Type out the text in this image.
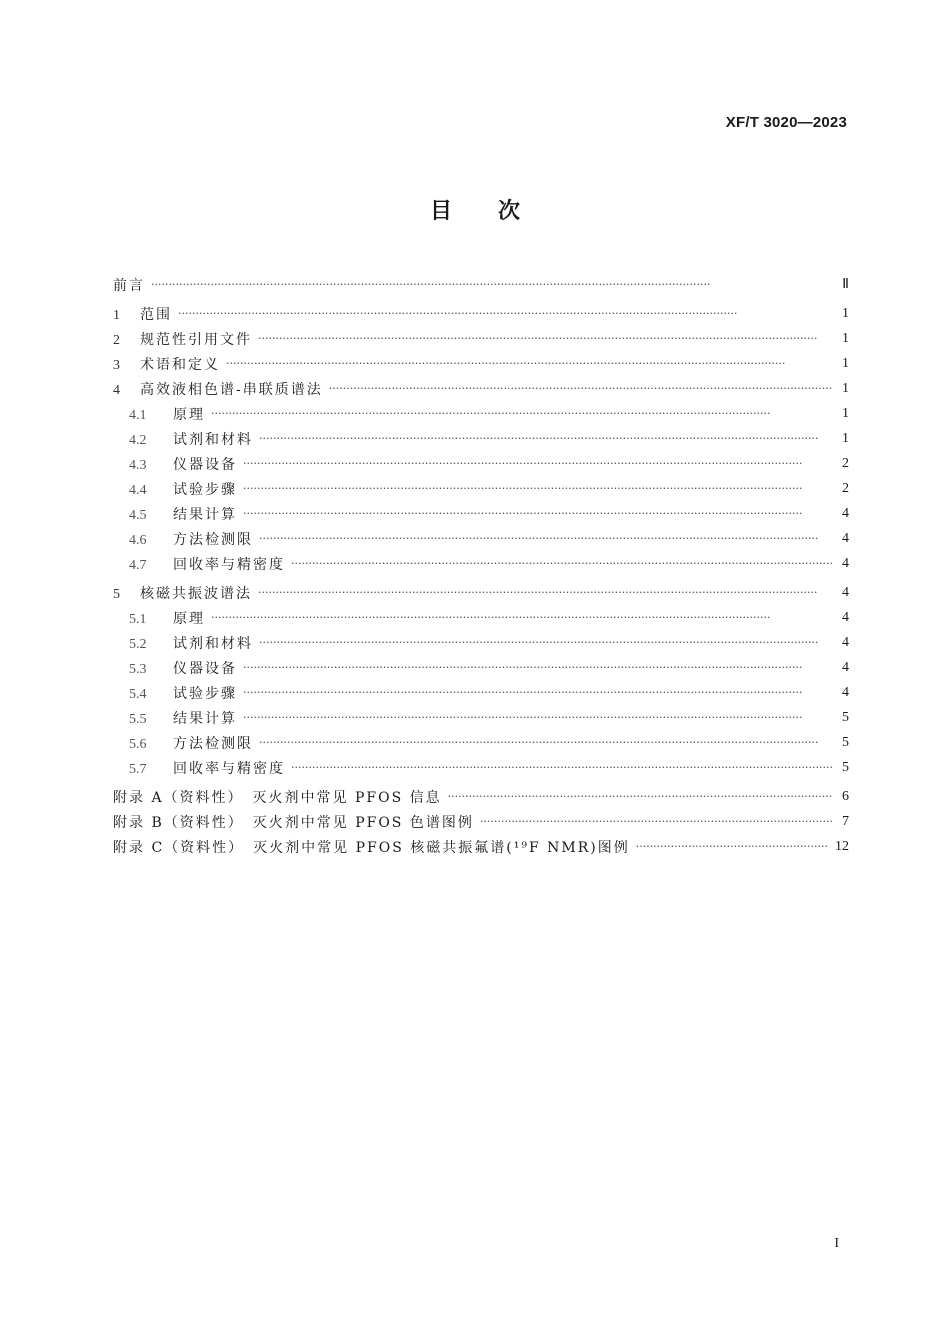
XF/T 3020—2023
目次
前言 ·····	Ⅱ
1 范围 ·····	1
2 规范性引用文件 ·····	1
3 术语和定义 ·····	1
4 高效液相色谱-串联质谱法 ·····	1
4.1 原理 ·····	1
4.2 试剂和材料 ·····	1
4.3 仪器设备 ·····	2
4.4 试验步骤 ·····	2
4.5 结果计算 ·····	4
4.6 方法检测限 ·····	4
4.7 回收率与精密度 ·····	4
5 核磁共振波谱法 ·····	4
5.1 原理 ·····	4
5.2 试剂和材料 ·····	4
5.3 仪器设备 ·····	4
5.4 试验步骤 ·····	4
5.5 结果计算 ·····	5
5.6 方法检测限 ·····	5
5.7 回收率与精密度 ·····	5
附录 A（资料性）　灭火剂中常见 PFOS 信息 ·····	6
附录 B（资料性）　灭火剂中常见 PFOS 色谱图例 ·····	7
附录 C（资料性）　灭火剂中常见 PFOS 核磁共振氟谱(¹⁹F NMR)图例 ·····	12
I
